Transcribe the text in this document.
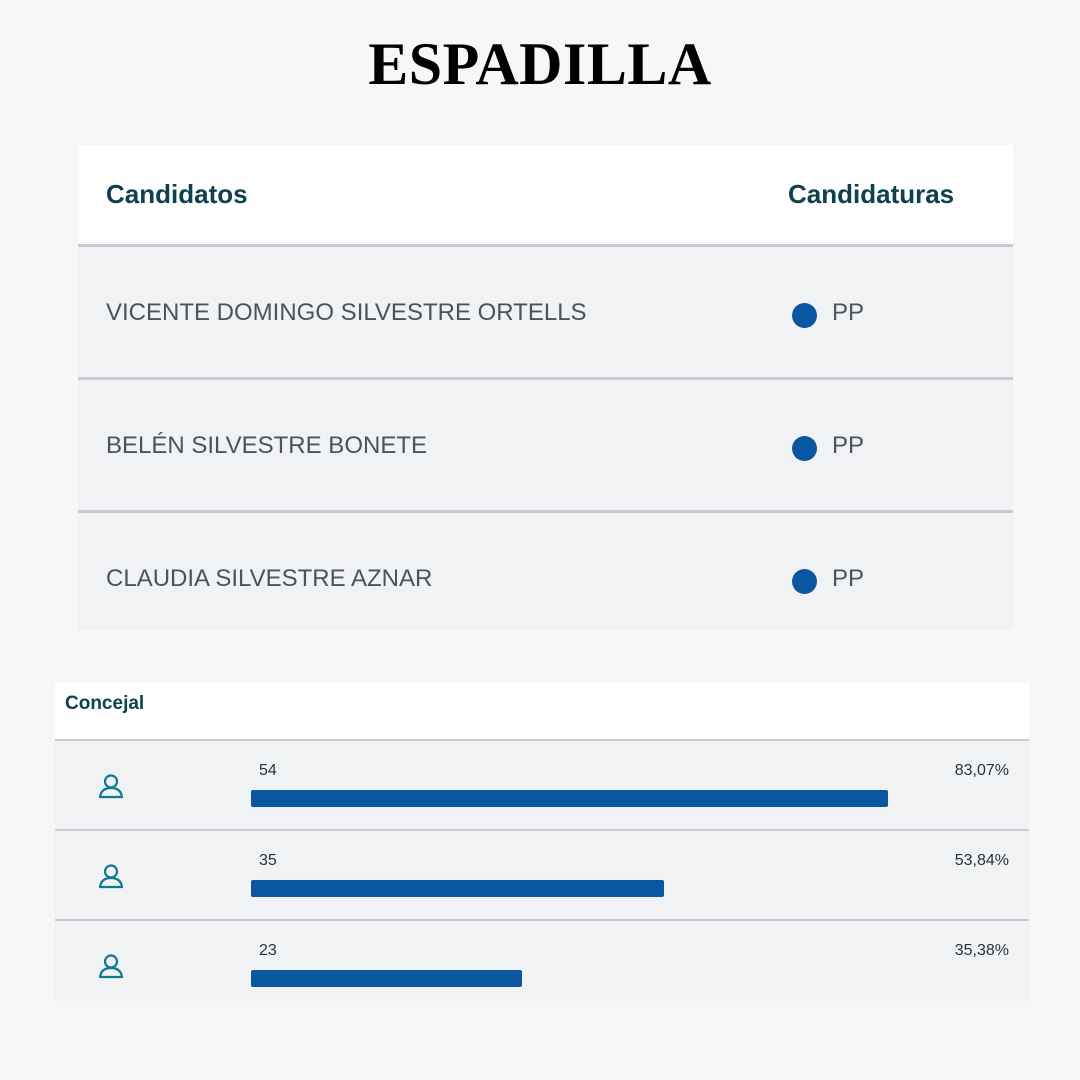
ESPADILLA
Candidatos	Candidaturas
VICENTE DOMINGO SILVESTRE ORTELLS	PP
BELÉN SILVESTRE BONETE	PP
CLAUDIA SILVESTRE AZNAR	PP
Concejal
54	83,07%
35	53,84%
23	35,38%
